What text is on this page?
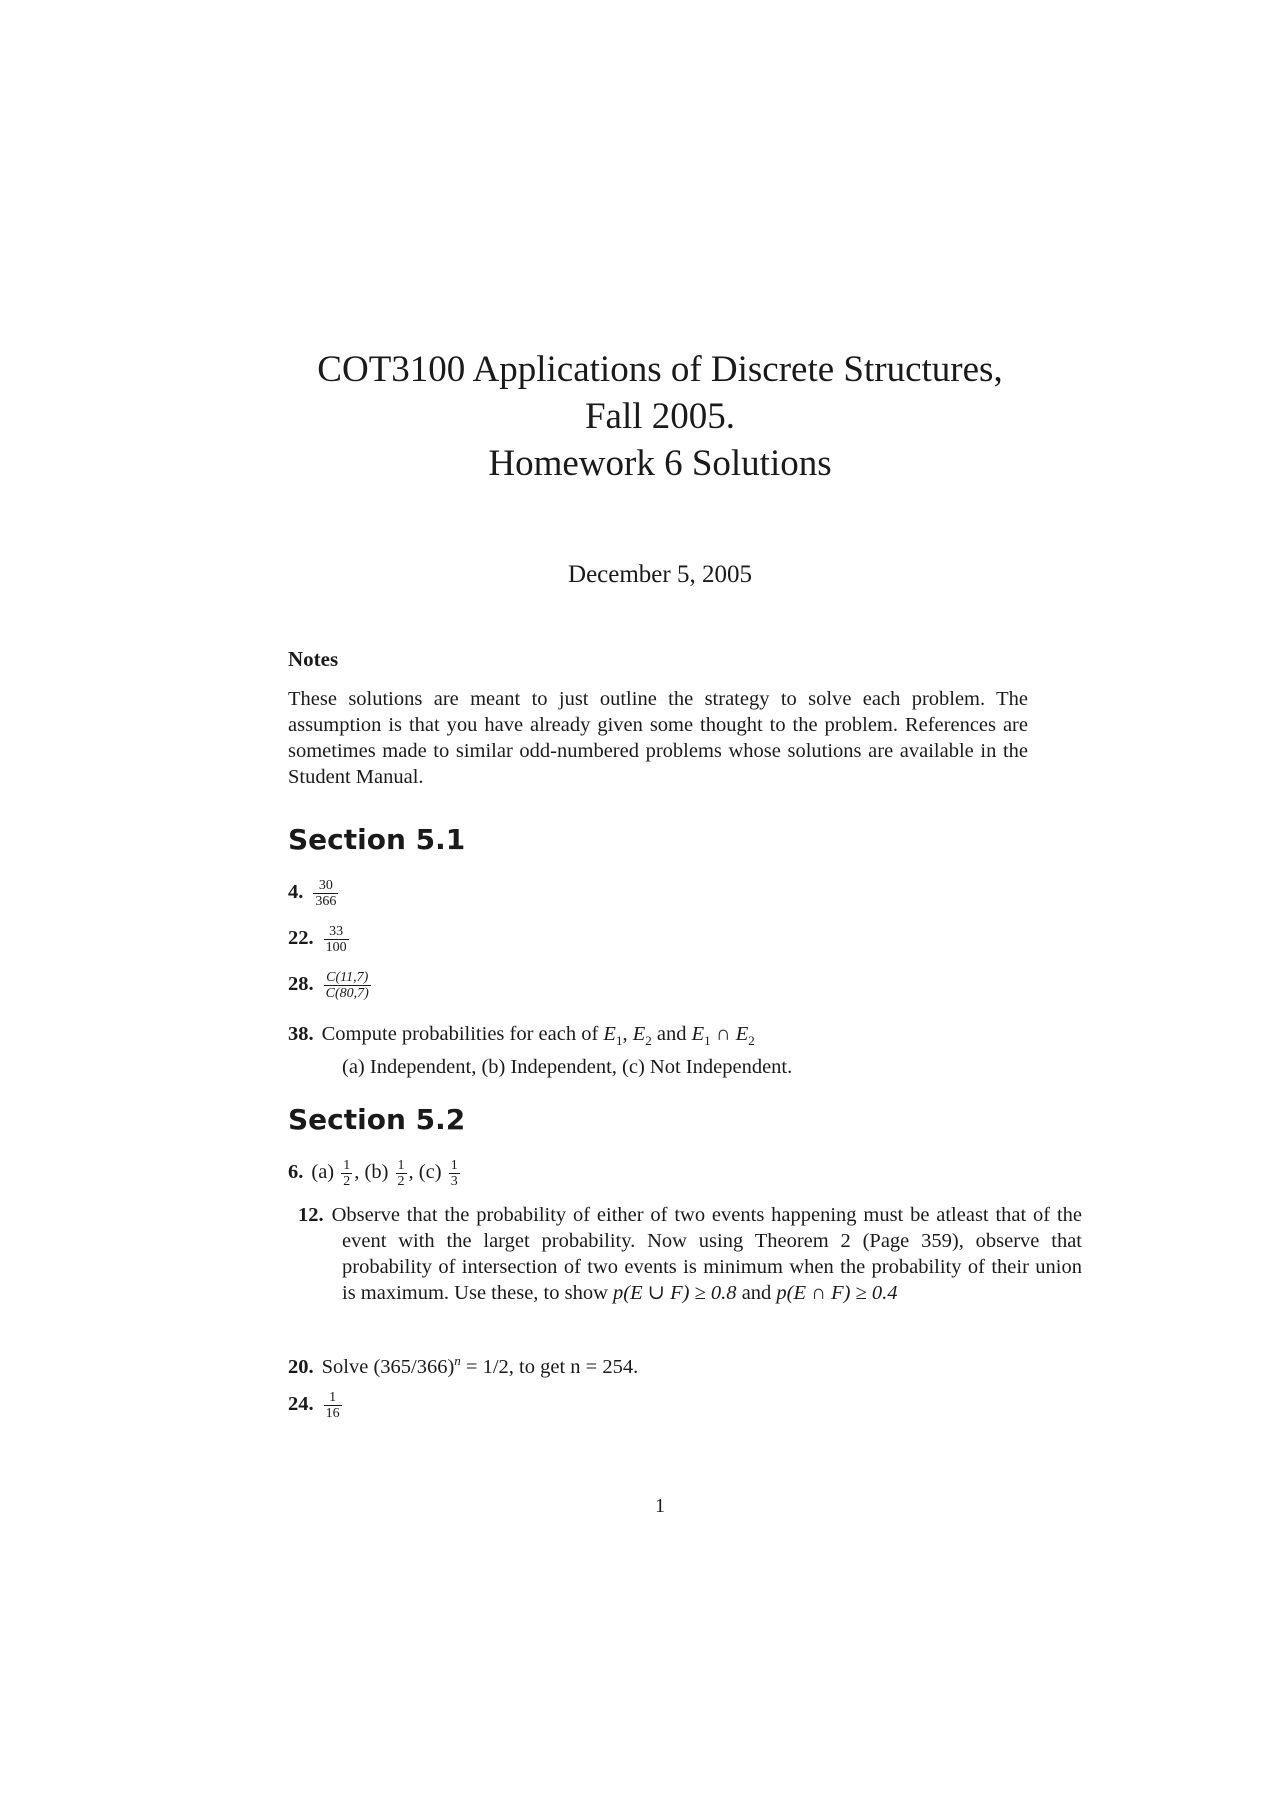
COT3100 Applications of Discrete Structures,
Fall 2005.
Homework 6 Solutions
December 5, 2005
Notes
These solutions are meant to just outline the strategy to solve each problem. The assumption is that you have already given some thought to the problem. References are sometimes made to similar odd-numbered problems whose solutions are available in the Student Manual.
Section 5.1
4. $\frac{30}{366}$
22. $\frac{33}{100}$
28. $\frac{C(11,7)}{C(80,7)}$
38. Compute probabilities for each of $E_1$, $E_2$ and $E_1$ ∩ $E_2$
(a) Independent, (b) Independent, (c) Not Independent.
Section 5.2
6. $(a) \frac{1}{2}$ , $(b) \frac{1}{2}$ , $(c) \frac{1}{3}$
12. Observe that the probability of either of two events happening must be atleast that of the event with the larget probability. Now using Theorem 2 (Page 359), observe that probability of intersection of two events is minimum when the probability of their union is maximum. Use these, to show p(E ∪ F) ≥ 0.8 and p(E ∩ F) ≥ 0.4
20. Solve $(365/366)^n = 1/2$, to get n = 254.
24. $\frac{1}{16}$
1
